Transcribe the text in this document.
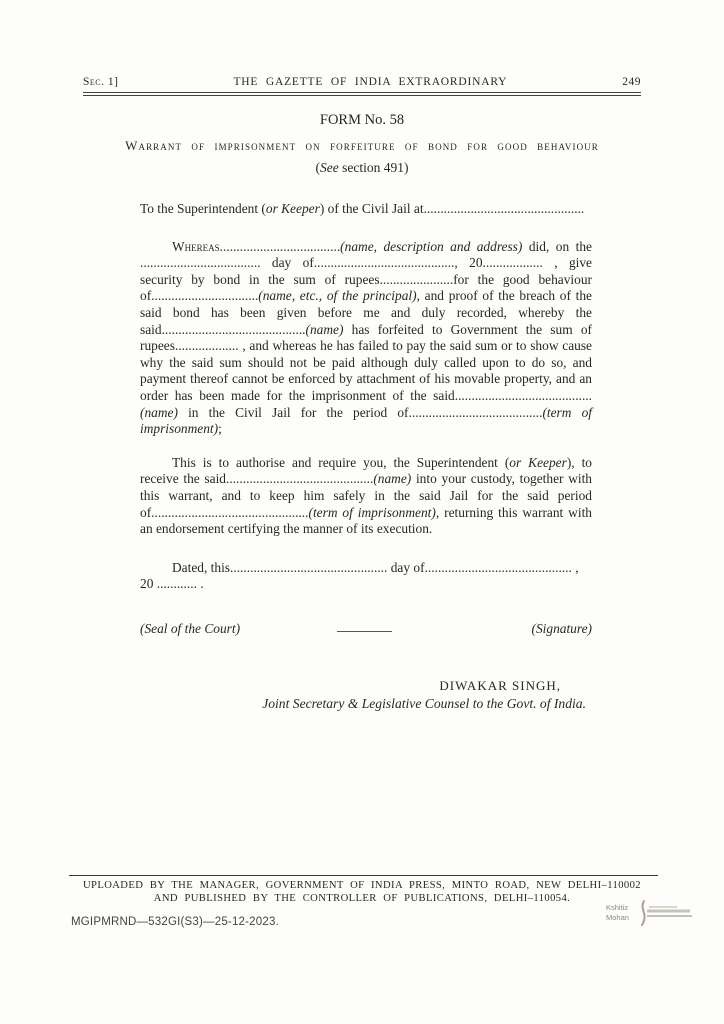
Sec. 1]	THE GAZETTE OF INDIA EXTRAORDINARY	249
FORM No. 58
Warrant of imprisonment on forfeiture of bond for good behaviour
(See section 491)

To the Superintendent (or Keeper) of the Civil Jail at................................................

Whereas....................................(name, description and address) did, on the .................................... day of.........................................., 20.................. , give security by bond in the sum of rupees......................for the good behaviour of................................(name, etc., of the principal), and proof of the breach of the said bond has been given before me and duly recorded, whereby the said...........................................(name) has forfeited to Government the sum of rupees................... , and whereas he has failed to pay the said sum or to show cause why the said sum should not be paid although duly called upon to do so, and payment thereof cannot be enforced by attachment of his movable property, and an order has been made for the imprisonment of the said.........................................(name) in the Civil Jail for the period of........................................(term of imprisonment);

This is to authorise and require you, the Superintendent (or Keeper), to receive the said............................................(name) into your custody, together with this warrant, and to keep him safely in the said Jail for the said period of...............................................(term of imprisonment), returning this warrant with an endorsement certifying the manner of its execution.

Dated, this............................................... day of............................................ , 20 ............ .

(Seal of the Court)	(Signature)
DIWAKAR SINGH,
Joint Secretary & Legislative Counsel to the Govt. of India.
UPLOADED BY THE MANAGER, GOVERNMENT OF INDIA PRESS, MINTO ROAD, NEW DELHI–110002
AND PUBLISHED BY THE CONTROLLER OF PUBLICATIONS, DELHI–110054.
MGIPMRND—532GI(S3)—25-12-2023.
Kshitiz
Mohan
